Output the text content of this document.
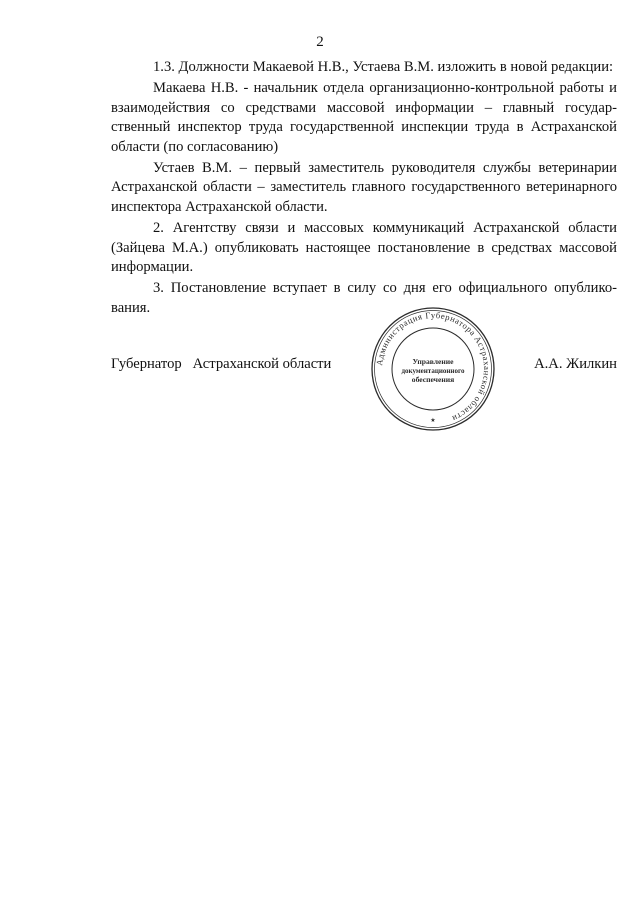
2

1.3. Должности Макаевой Н.В., Устаева В.М. изложить в новой редакции:

Макаева Н.В. - начальник отдела организационно-контрольной работы и взаимодействия со средствами массовой информации – главный государственный инспектор труда государственной инспекции труда в Астраханской области (по согласованию)

Устаев В.М. – первый заместитель руководителя службы ветеринарии Астраханской области – заместитель главного государственного ветеринарного инспектора Астраханской области.

2. Агентству связи и массовых коммуникаций Астраханской области (Зайцева М.А.) опубликовать настоящее постановление в средствах массовой информации.

3. Постановление вступает в силу со дня его официального опубликования.

Губернатор   Астраханской области	А.А. Жилкин
Администрация Губернатора Астраханской области
Управление
документационного
обеспечения
★
